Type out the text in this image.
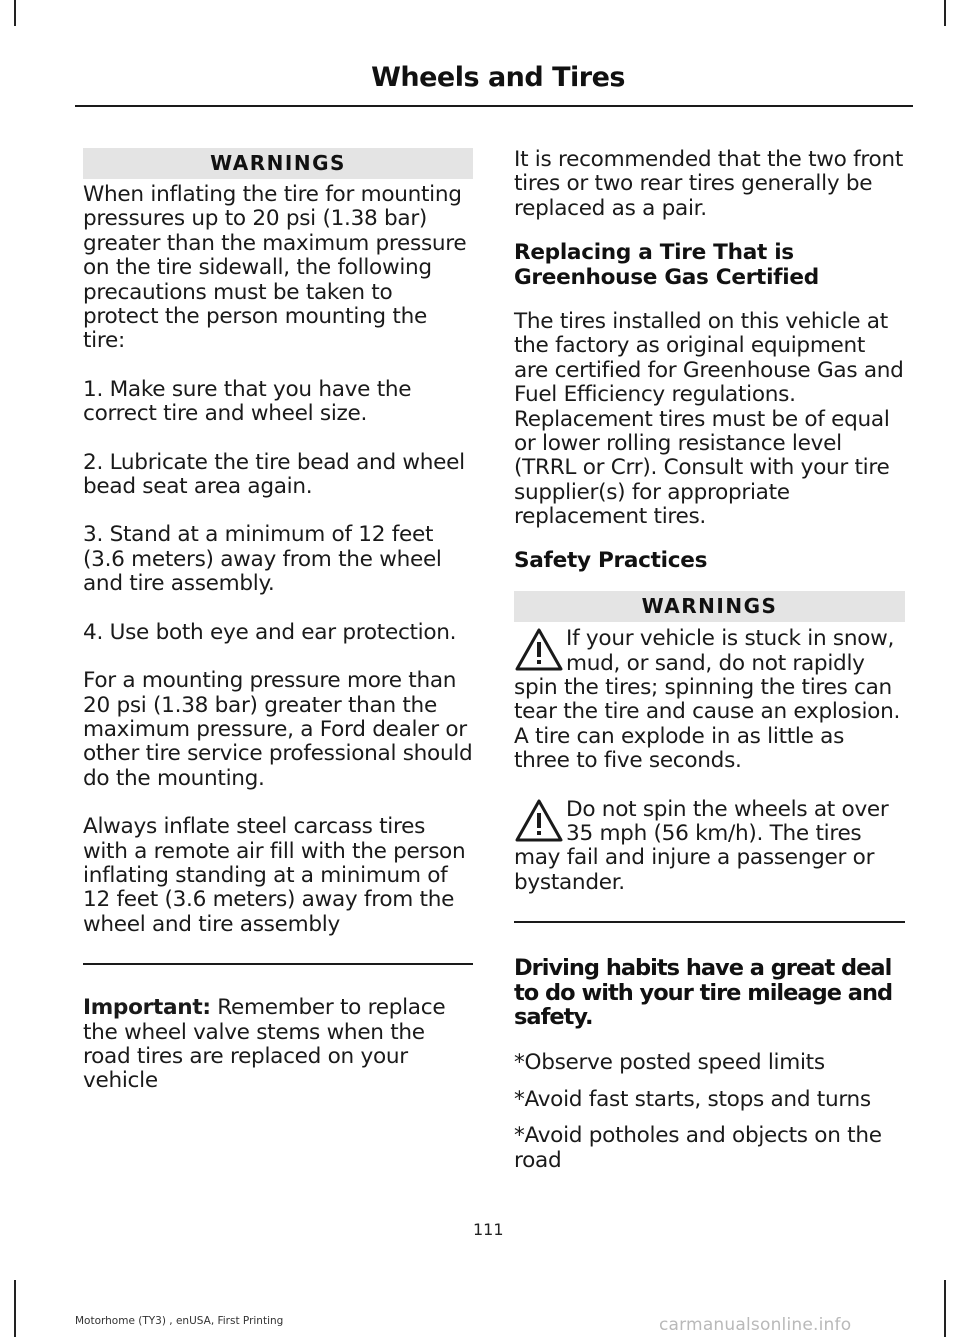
Wheels and Tires
WARNINGS

When inflating the tire for mounting pressures up to 20 psi (1.38 bar) greater than the maximum pressure on the tire sidewall, the following precautions must be taken to protect the person mounting the tire:

1. Make sure that you have the correct tire and wheel size.

2. Lubricate the tire bead and wheel bead seat area again.

3. Stand at a minimum of 12 feet (3.6 meters) away from the wheel and tire assembly.

4. Use both eye and ear protection.

For a mounting pressure more than 20 psi (1.38 bar) greater than the maximum pressure, a Ford dealer or other tire service professional should do the mounting.

Always inflate steel carcass tires with a remote air fill with the person inflating standing at a minimum of 12 feet (3.6 meters) away from the wheel and tire assembly

Important: Remember to replace the wheel valve stems when the road tires are replaced on your vehicle

It is recommended that the two front tires or two rear tires generally be replaced as a pair.

Replacing a Tire That is Greenhouse Gas Certified

The tires installed on this vehicle at the factory as original equipment are certified for Greenhouse Gas and Fuel Efficiency regulations. Replacement tires must be of equal or lower rolling resistance level (TRRL or Crr). Consult with your tire supplier(s) for appropriate replacement tires.

Safety Practices
WARNINGS

If your vehicle is stuck in snow, mud, or sand, do not rapidly spin the tires; spinning the tires can tear the tire and cause an explosion. A tire can explode in as little as three to five seconds.

Do not spin the wheels at over 35 mph (56 km/h). The tires may fail and injure a passenger or bystander.

Driving habits have a great deal to do with your tire mileage and safety.

*Observe posted speed limits

*Avoid fast starts, stops and turns

*Avoid potholes and objects on the road

111
Motorhome (TY3) , enUSA, First Printing	carmanualsonline.info
